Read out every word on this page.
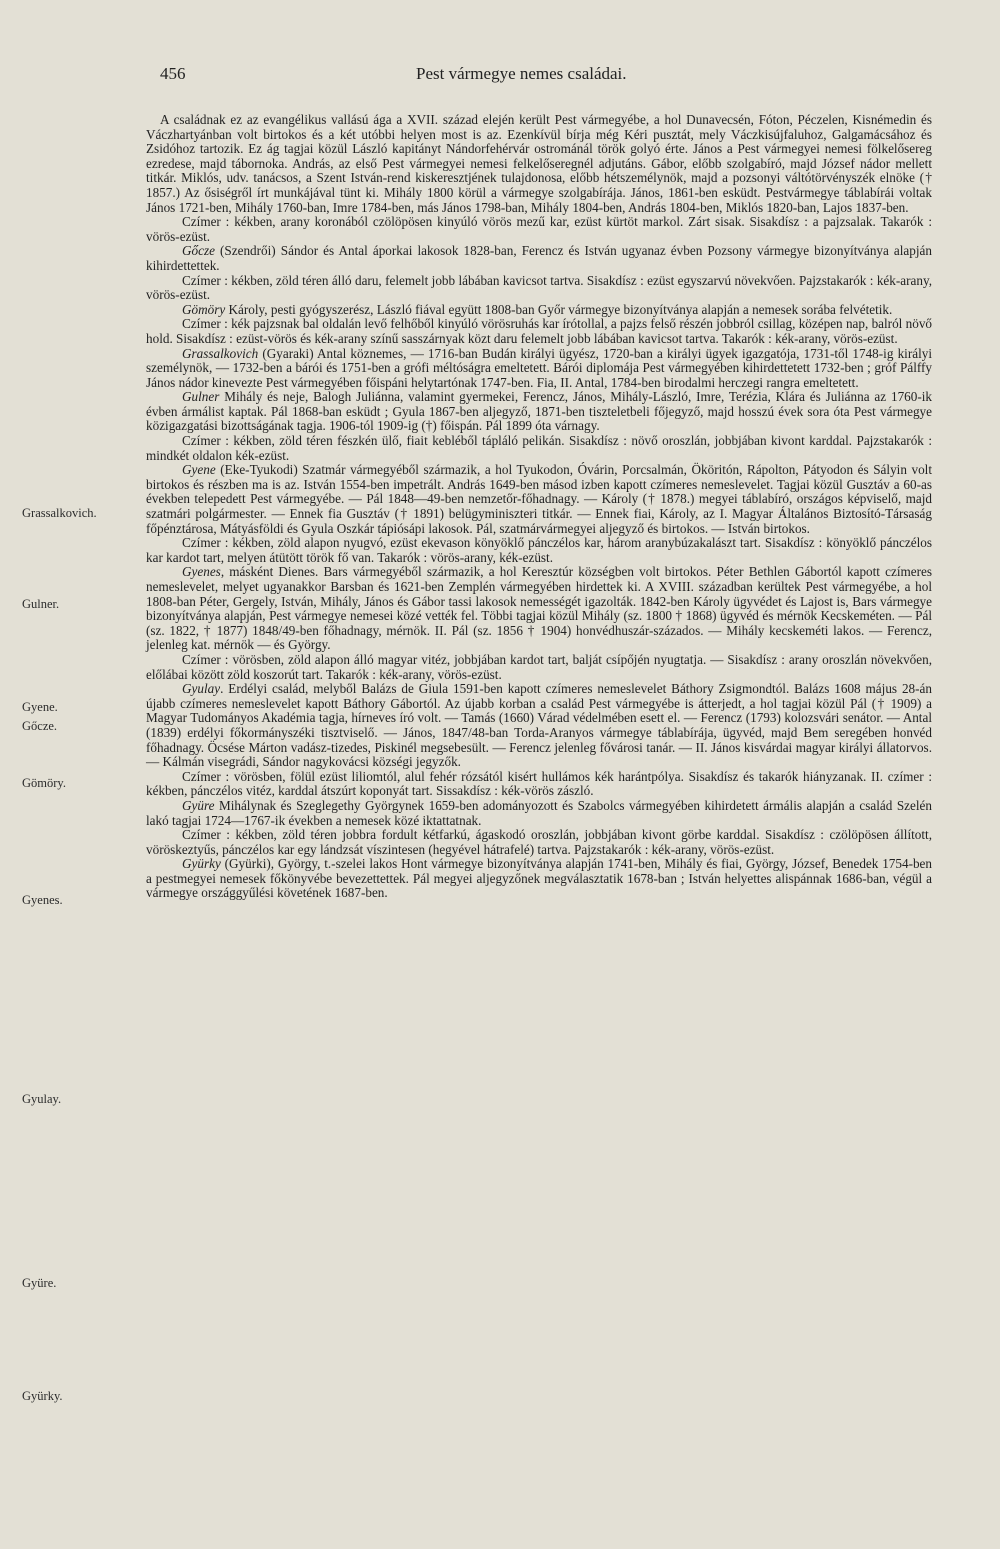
456	Pest vármegye nemes családai.
Gőcze.
Gömöry.
Grassalkovich.
Gulner.
Gyene.
Gyenes.
Gyulay.
Gyüre.
Gyürky.

A családnak ez az evangélikus vallású ága a XVII. század elején került Pest vármegyébe, a hol Dunavecsén, Fóton, Péczelen, Kisnémedin és Váczhartyánban volt birtokos és a két utóbbi helyen most is az. Ezenkívül bírja még Kéri pusztát, mely Váczkisújfaluhoz, Galgamácsához és Zsidóhoz tartozik. Ez ág tagjai közül László kapitányt Nándorfehérvár ostrománál török golyó érte. János a Pest vármegyei nemesi fölkelősereg ezredese, majd tábornoka. András, az első Pest vármegyei nemesi felkelőseregnél adjutáns. Gábor, előbb szolgabíró, majd József nádor mellett titkár. Miklós, udv. tanácsos, a Szent István-rend kiskeresztjének tulajdonosa, előbb hétszemélynök, majd a pozsonyi váltótörvényszék elnöke († 1857.) Az ősiségről írt munkájával tünt ki. Mihály 1800 körül a vármegye szolgabírája. János, 1861-ben esküdt. Pestvármegye táblabírái voltak János 1721-ben, Mihály 1760-ban, Imre 1784-ben, más János 1798-ban, Mihály 1804-ben, András 1804-ben, Miklós 1820-ban, Lajos 1837-ben.

Czímer : kékben, arany koronából czölöpösen kinyúló vörös mezű kar, ezüst kürtöt markol. Zárt sisak. Sisakdísz : a pajzsalak. Takarók : vörös-ezüst.

Gőcze (Szendrői) Sándor és Antal áporkai lakosok 1828-ban, Ferencz és István ugyanaz évben Pozsony vármegye bizonyítványa alapján kihirdettettek.

Czímer : kékben, zöld téren álló daru, felemelt jobb lábában kavicsot tartva. Sisakdísz : ezüst egyszarvú növekvően. Pajzstakarók : kék-arany, vörös-ezüst.

Gömöry Károly, pesti gyógyszerész, László fiával együtt 1808-ban Győr vármegye bizonyítványa alapján a nemesek sorába felvétetik.

Czímer : kék pajzsnak bal oldalán levő felhőből kinyúló vörösruhás kar írótollal, a pajzs felső részén jobbról csillag, középen nap, balról növő hold. Sisakdísz : ezüst-vörös és kék-arany színű sasszárnyak közt daru felemelt jobb lábában kavicsot tartva. Takarók : kék-arany, vörös-ezüst.

Grassalkovich (Gyaraki) Antal köznemes, — 1716-ban Budán királyi ügyész, 1720-ban a királyi ügyek igazgatója, 1731-től 1748-ig királyi személynök, — 1732-ben a bárói és 1751-ben a grófi méltóságra emeltetett. Bárói diplomája Pest vármegyében kihirdettetett 1732-ben ; gróf Pálffy János nádor kinevezte Pest vármegyében főispáni helytartónak 1747-ben. Fia, II. Antal, 1784-ben birodalmi herczegi rangra emeltetett.

Gulner Mihály és neje, Balogh Juliánna, valamint gyermekei, Ferencz, János, Mihály-László, Imre, Terézia, Klára és Juliánna az 1760-ik évben ármálist kaptak. Pál 1868-ban esküdt ; Gyula 1867-ben aljegyző, 1871-ben tiszteletbeli főjegyző, majd hosszú évek sora óta Pest vármegye közigazgatási bizottságának tagja. 1906-tól 1909-ig (†) főispán. Pál 1899 óta várnagy.

Czímer : kékben, zöld téren fészkén ülő, fiait kebléből tápláló pelikán. Sisakdísz : növő oroszlán, jobbjában kivont karddal. Pajzstakarók : mindkét oldalon kék-ezüst.

Gyene (Eke-Tyukodi) Szatmár vármegyéből származik, a hol Tyukodon, Óvárin, Porcsalmán, Ököritón, Rápolton, Pátyodon és Sályin volt birtokos és részben ma is az. István 1554-ben impetrált. András 1649-ben másod izben kapott czímeres nemeslevelet. Tagjai közül Gusztáv a 60-as években telepedett Pest vármegyébe. — Pál 1848—49-ben nemzetőr-főhadnagy. — Károly († 1878.) megyei táblabíró, országos képviselő, majd szatmári polgármester. — Ennek fia Gusztáv († 1891) belügyminiszteri titkár. — Ennek fiai, Károly, az I. Magyar Általános Biztosító-Társaság főpénztárosa, Mátyásföldi és Gyula Oszkár tápiósápi lakosok. Pál, szatmárvármegyei aljegyző és birtokos. — István birtokos.

Czímer : kékben, zöld alapon nyugvó, ezüst ekevason könyöklő pánczélos kar, három aranybúzakalászt tart. Sisakdísz : könyöklő pánczélos kar kardot tart, melyen átütött török fő van. Takarók : vörös-arany, kék-ezüst.

Gyenes, másként Dienes. Bars vármegyéből származik, a hol Keresztúr községben volt birtokos. Péter Bethlen Gábortól kapott czímeres nemeslevelet, melyet ugyanakkor Barsban és 1621-ben Zemplén vármegyében hirdettek ki. A XVIII. században kerültek Pest vármegyébe, a hol 1808-ban Péter, Gergely, István, Mihály, János és Gábor tassi lakosok nemességét igazolták. 1842-ben Károly ügyvédet és Lajost is, Bars vármegye bizonyítványa alapján, Pest vármegye nemesei közé vették fel. Többi tagjai közül Mihály (sz. 1800 † 1868) ügyvéd és mérnök Kecskeméten. — Pál (sz. 1822, † 1877) 1848/49-ben főhadnagy, mérnök. II. Pál (sz. 1856 † 1904) honvédhuszár-százados. — Mihály kecskeméti lakos. — Ferencz, jelenleg kat. mérnök — és György.

Czímer : vörösben, zöld alapon álló magyar vitéz, jobbjában kardot tart, balját csípőjén nyugtatja. — Sisakdísz : arany oroszlán növekvően, előlábai között zöld koszorút tart. Takarók : kék-arany, vörös-ezüst.

Gyulay. Erdélyi család, melyből Balázs de Giula 1591-ben kapott czímeres nemeslevelet Báthory Zsigmondtól. Balázs 1608 május 28-án újabb czímeres nemeslevelet kapott Báthory Gábortól. Az újabb korban a család Pest vármegyébe is átterjedt, a hol tagjai közül Pál († 1909) a Magyar Tudományos Akadémia tagja, hírneves író volt. — Tamás (1660) Várad védelmében esett el. — Ferencz (1793) kolozsvári senátor. — Antal (1839) erdélyi főkormányszéki tisztviselő. — János, 1847/48-ban Torda-Aranyos vármegye táblabírája, ügyvéd, majd Bem seregében honvéd főhadnagy. Öcsése Márton vadász-tizedes, Piskinél megsebesült. — Ferencz jelenleg fővárosi tanár. — II. János kisvárdai magyar királyi állatorvos. — Kálmán visegrádi, Sándor nagykovácsi községi jegyzők.

Czímer : vörösben, fölül ezüst liliomtól, alul fehér rózsától kisért hullámos kék harántpólya. Sisakdísz és takarók hiányzanak. II. czímer : kékben, pánczélos vitéz, karddal átszúrt koponyát tart. Sissakdísz : kék-vörös zászló.

Gyüre Mihálynak és Szeglegethy Györgynek 1659-ben adományozott és Szabolcs vármegyében kihirdetett ármális alapján a család Szelén lakó tagjai 1724—1767-ik években a nemesek közé iktattatnak.

Czímer : kékben, zöld téren jobbra fordult kétfarkú, ágaskodó oroszlán, jobbjában kivont görbe karddal. Sisakdísz : czölöpösen állított, vöröskeztyűs, pánczélos kar egy lándzsát víszintesen (hegyével hátrafelé) tartva. Pajzstakarók : kék-arany, vörös-ezüst.

Gyürky (Gyürki), György, t.-szelei lakos Hont vármegye bizonyítványa alapján 1741-ben, Mihály és fiai, György, József, Benedek 1754-ben a pestmegyei nemesek főkönyvébe bevezettettek. Pál megyei aljegyzőnek megválasztatik 1678-ban ; István helyettes alispánnak 1686-ban, végül a vármegye országgyűlési követének 1687-ben.
